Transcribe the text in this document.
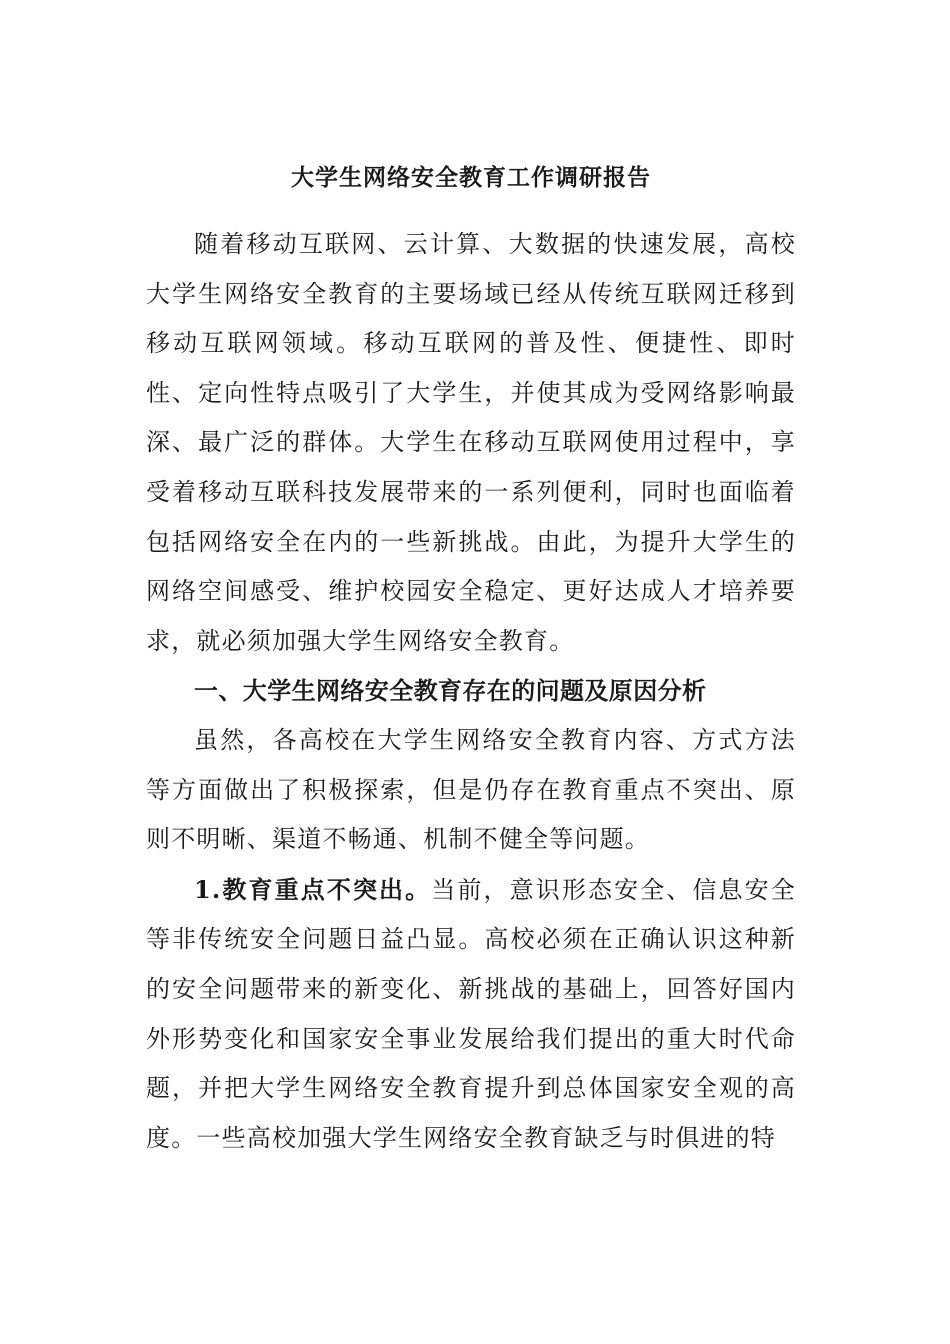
大学生网络安全教育工作调研报告

随着移动互联网、云计算、大数据的快速发展，高校大学生网络安全教育的主要场域已经从传统互联网迁移到移动互联网领域。移动互联网的普及性、便捷性、即时性、定向性特点吸引了大学生，并使其成为受网络影响最深、最广泛的群体。大学生在移动互联网使用过程中，享受着移动互联科技发展带来的一系列便利，同时也面临着包括网络安全在内的一些新挑战。由此，为提升大学生的网络空间感受、维护校园安全稳定、更好达成人才培养要求，就必须加强大学生网络安全教育。

一、大学生网络安全教育存在的问题及原因分析

虽然，各高校在大学生网络安全教育内容、方式方法等方面做出了积极探索，但是仍存在教育重点不突出、原则不明晰、渠道不畅通、机制不健全等问题。

1.教育重点不突出。当前，意识形态安全、信息安全等非传统安全问题日益凸显。高校必须在正确认识这种新的安全问题带来的新变化、新挑战的基础上，回答好国内外形势变化和国家安全事业发展给我们提出的重大时代命题，并把大学生网络安全教育提升到总体国家安全观的高度。一些高校加强大学生网络安全教育缺乏与时俱进的特
